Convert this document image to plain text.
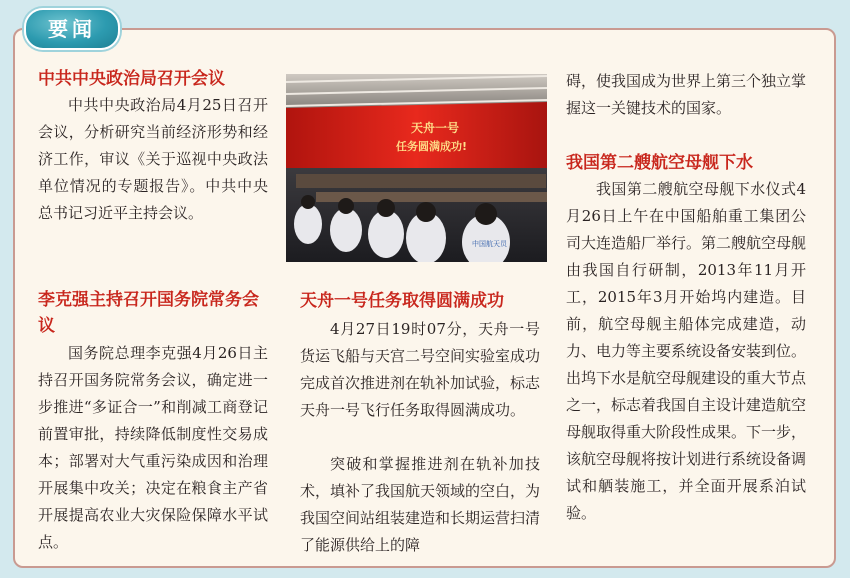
要闻
中共中央政治局召开会议

中共中央政治局4月25日召开会议，分析研究当前经济形势和经济工作，审议《关于巡视中央政法单位情况的专题报告》。中共中央总书记习近平主持会议。

李克强主持召开国务院常务会议

国务院总理李克强4月26日主持召开国务院常务会议，确定进一步推进“多证合一”和削减工商登记前置审批，持续降低制度性交易成本；部署对大气重污染成因和治理开展集中攻关；决定在粮食主产省开展提高农业大灾保险保障水平试点。

天舟一号
任务圆满成功!
中国航天员
天舟一号任务取得圆满成功

4月27日19时07分，天舟一号货运飞船与天宫二号空间实验室成功完成首次推进剂在轨补加试验，标志天舟一号飞行任务取得圆满成功。

突破和掌握推进剂在轨补加技术，填补了我国航天领域的空白，为我国空间站组装建造和长期运营扫清了能源供给上的障

碍，使我国成为世界上第三个独立掌握这一关键技术的国家。

我国第二艘航空母舰下水

我国第二艘航空母舰下水仪式4月26日上午在中国船舶重工集团公司大连造船厂举行。第二艘航空母舰由我国自行研制，2013年11月开工，2015年3月开始坞内建造。目前，航空母舰主船体完成建造，动力、电力等主要系统设备安装到位。出坞下水是航空母舰建设的重大节点之一，标志着我国自主设计建造航空母舰取得重大阶段性成果。下一步，该航空母舰将按计划进行系统设备调试和舾装施工，并全面开展系泊试验。
